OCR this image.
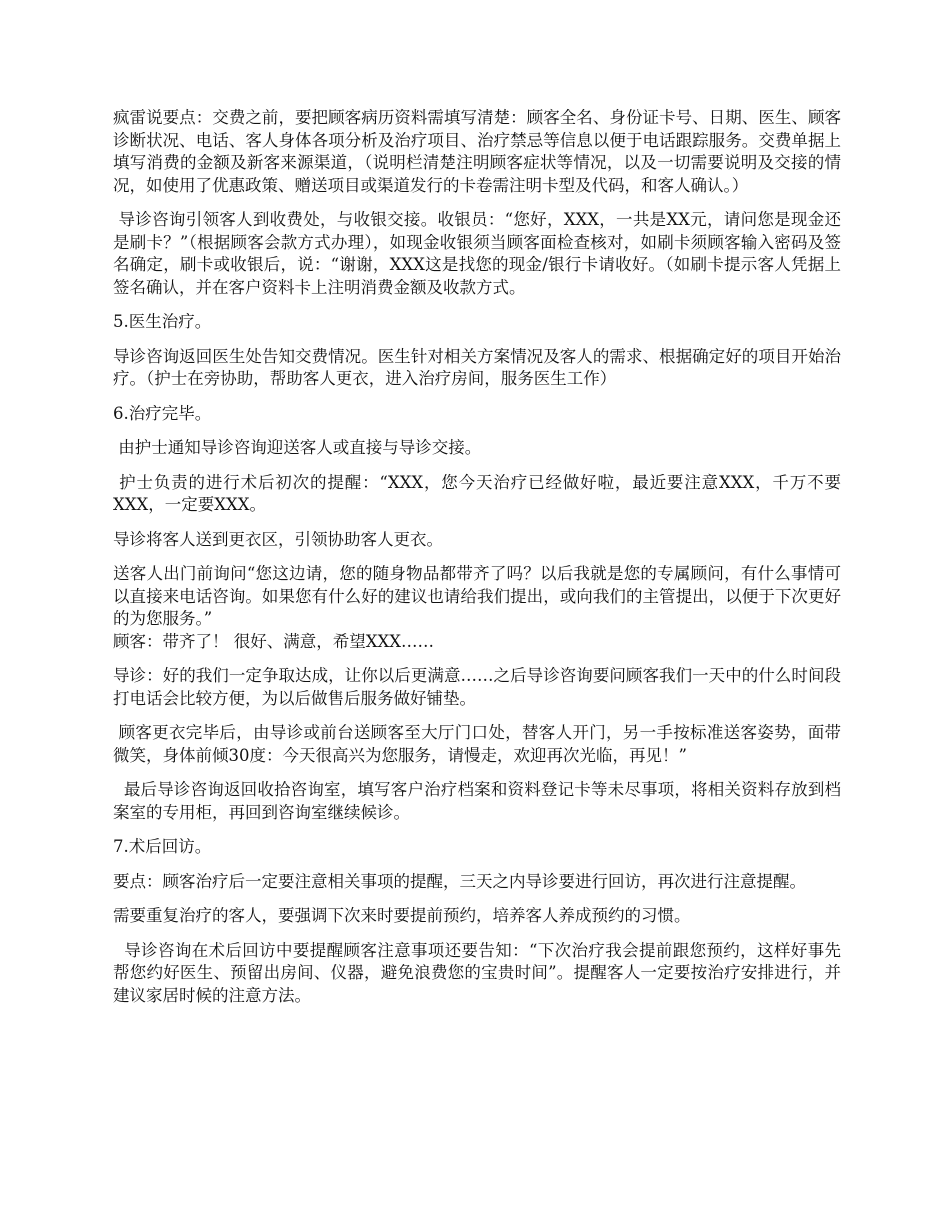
疯雷说要点：交费之前，要把顾客病历资料需填写清楚：顾客全名、身份证卡号、日期、医生、顾客诊断状况、电话、客人身体各项分析及治疗项目、治疗禁忌等信息以便于电话跟踪服务。交费单据上填写消费的金额及新客来源渠道，（说明栏清楚注明顾客症状等情况，以及一切需要说明及交接的情况，如使用了优惠政策、赠送项目或渠道发行的卡卷需注明卡型及代码，和客人确认。）

导诊咨询引领客人到收费处，与收银交接。收银员：“您好，XXX，一共是XX元，请问您是现金还是刷卡？”（根据顾客会款方式办理），如现金收银须当顾客面检查核对，如刷卡须顾客输入密码及签名确定，刷卡或收银后，说：“谢谢，XXX这是找您的现金/银行卡请收好。（如刷卡提示客人凭据上签名确认，并在客户资料卡上注明消费金额及收款方式。

5.医生治疗。

导诊咨询返回医生处告知交费情况。医生针对相关方案情况及客人的需求、根据确定好的项目开始治疗。（护士在旁协助，帮助客人更衣，进入治疗房间，服务医生工作）

6.治疗完毕。

由护士通知导诊咨询迎送客人或直接与导诊交接。

护士负责的进行术后初次的提醒：“XXX，您今天治疗已经做好啦，最近要注意XXX，千万不要XXX，一定要XXX。

导诊将客人送到更衣区，引领协助客人更衣。

送客人出门前询问“您这边请，您的随身物品都带齐了吗？以后我就是您的专属顾问，有什么事情可以直接来电话咨询。如果您有什么好的建议也请给我们提出，或向我们的主管提出，以便于下次更好的为您服务。”

顾客：带齐了！ 很好、满意，希望XXX……

导诊：好的我们一定争取达成，让你以后更满意……之后导诊咨询要问顾客我们一天中的什么时间段打电话会比较方便，为以后做售后服务做好铺垫。

顾客更衣完毕后，由导诊或前台送顾客至大厅门口处，替客人开门，另一手按标准送客姿势，面带微笑，身体前倾30度：今天很高兴为您服务，请慢走，欢迎再次光临，再见！”

最后导诊咨询返回收拾咨询室，填写客户治疗档案和资料登记卡等未尽事项，将相关资料存放到档案室的专用柜，再回到咨询室继续候诊。

7.术后回访。

要点：顾客治疗后一定要注意相关事项的提醒，三天之内导诊要进行回访，再次进行注意提醒。

需要重复治疗的客人，要强调下次来时要提前预约，培养客人养成预约的习惯。

导诊咨询在术后回访中要提醒顾客注意事项还要告知：“下次治疗我会提前跟您预约，这样好事先帮您约好医生、预留出房间、仪器，避免浪费您的宝贵时间”。提醒客人一定要按治疗安排进行，并建议家居时候的注意方法。
